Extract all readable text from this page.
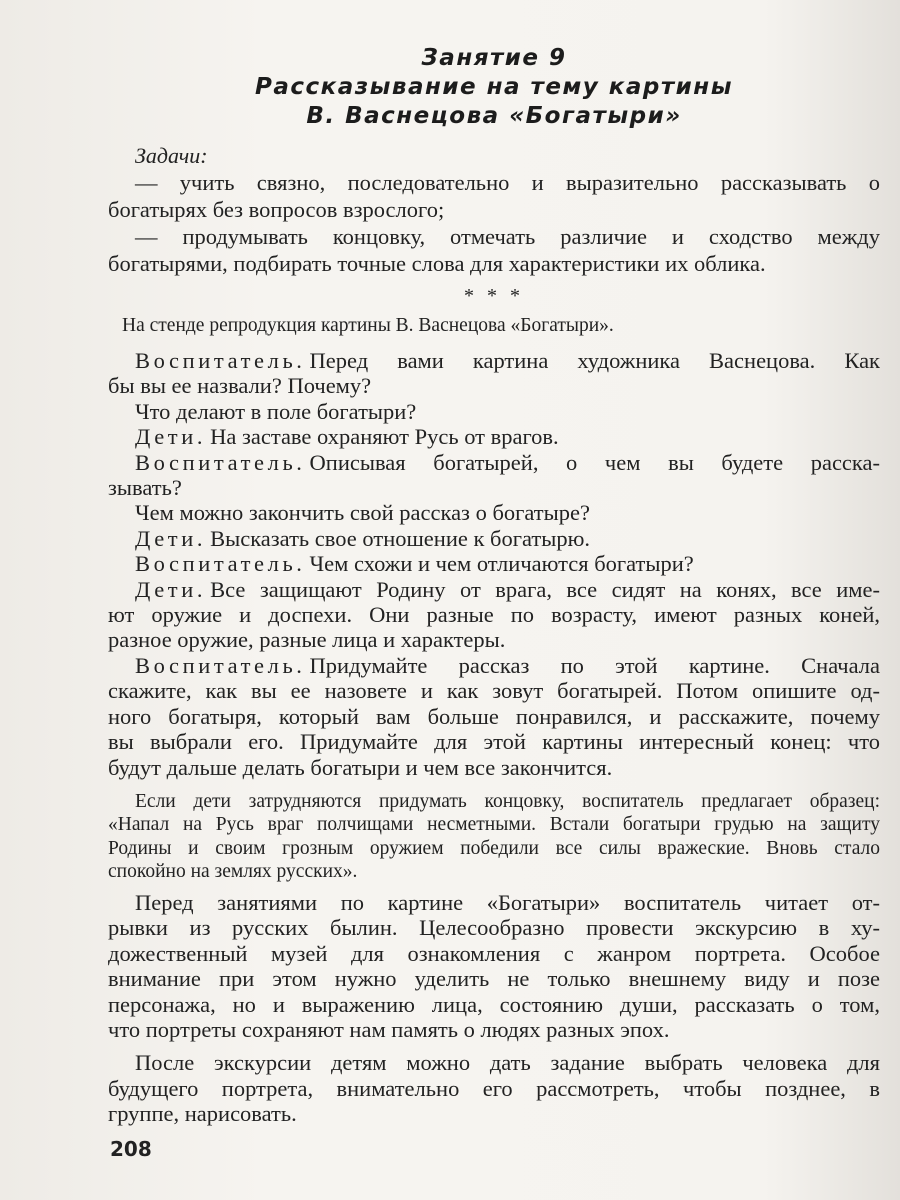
Занятие 9
Рассказывание на тему картины
В. Васнецова «Богатыри»
Задачи:
— учить связно, последовательно и выразительно рассказывать о
богатырях без вопросов взрослого;
— продумывать концовку, отмечать различие и сходство между
богатырями, подбирать точные слова для характеристики их облика.
* * *
На стенде репродукция картины В. Васнецова «Богатыри».
Воспитатель. Перед вами картина художника Васнецова. Как
бы вы ее назвали? Почему?
Что делают в поле богатыри?
Дети. На заставе охраняют Русь от врагов.
Воспитатель. Описывая богатырей, о чем вы будете расска-
зывать?
Чем можно закончить свой рассказ о богатыре?
Дети. Высказать свое отношение к богатырю.
Воспитатель. Чем схожи и чем отличаются богатыри?
Дети. Все защищают Родину от врага, все сидят на конях, все име-
ют оружие и доспехи. Они разные по возрасту, имеют разных коней,
разное оружие, разные лица и характеры.
Воспитатель. Придумайте рассказ по этой картине. Сначала
скажите, как вы ее назовете и как зовут богатырей. Потом опишите од-
ного богатыря, который вам больше понравился, и расскажите, почему
вы выбрали его. Придумайте для этой картины интересный конец: что
будут дальше делать богатыри и чем все закончится.
Если дети затрудняются придумать концовку, воспитатель предлагает образец:
«Напал на Русь враг полчищами несметными. Встали богатыри грудью на защиту
Родины и своим грозным оружием победили все силы вражеские. Вновь стало
спокойно на землях русских».
Перед занятиями по картине «Богатыри» воспитатель читает от-
рывки из русских былин. Целесообразно провести экскурсию в ху-
дожественный музей для ознакомления с жанром портрета. Особое
внимание при этом нужно уделить не только внешнему виду и позе
персонажа, но и выражению лица, состоянию души, рассказать о том,
что портреты сохраняют нам память о людях разных эпох.
После экскурсии детям можно дать задание выбрать человека для
будущего портрета, внимательно его рассмотреть, чтобы позднее, в
группе, нарисовать.
208
